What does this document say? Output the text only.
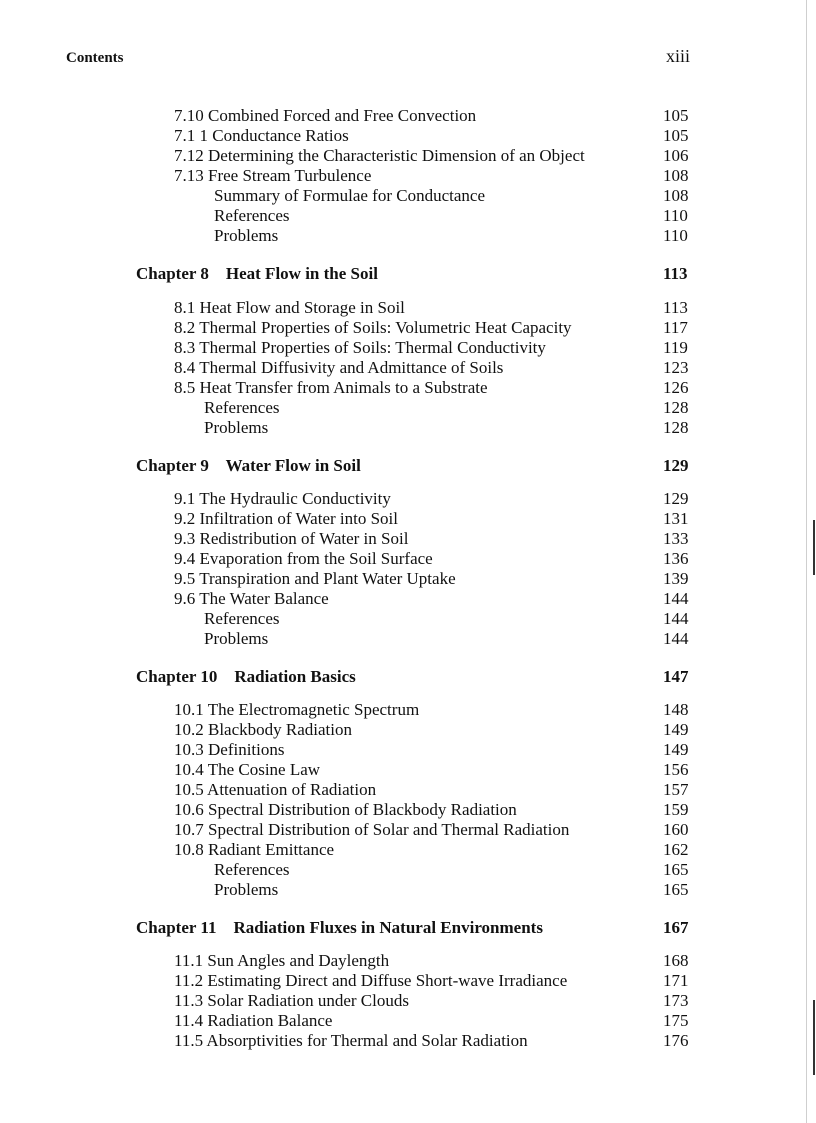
Contents	xiii
7.10 Combined Forced and Free Convection	105
7.1 1 Conductance Ratios	105
7.12 Determining the Characteristic Dimension of an Object	106
7.13 Free Stream Turbulence	108
Summary of Formulae for Conductance	108
References	110
Problems	110
Chapter 8    Heat Flow in the Soil	113
8.1 Heat Flow and Storage in Soil	113
8.2 Thermal Properties of Soils: Volumetric Heat Capacity	117
8.3 Thermal Properties of Soils: Thermal Conductivity	119
8.4 Thermal Diffusivity and Admittance of Soils	123
8.5 Heat Transfer from Animals to a Substrate	126
References	128
Problems	128
Chapter 9    Water Flow in Soil	129
9.1 The Hydraulic Conductivity	129
9.2 Infiltration of Water into Soil	131
9.3 Redistribution of Water in Soil	133
9.4 Evaporation from the Soil Surface	136
9.5 Transpiration and Plant Water Uptake	139
9.6 The Water Balance	144
References	144
Problems	144
Chapter 10    Radiation Basics	147
10.1 The Electromagnetic Spectrum	148
10.2 Blackbody Radiation	149
10.3 Definitions	149
10.4 The Cosine Law	156
10.5 Attenuation of Radiation	157
10.6 Spectral Distribution of Blackbody Radiation	159
10.7 Spectral Distribution of Solar and Thermal Radiation	160
10.8 Radiant Emittance	162
References	165
Problems	165
Chapter 11    Radiation Fluxes in Natural Environments	167
11.1 Sun Angles and Daylength	168
11.2 Estimating Direct and Diffuse Short-wave Irradiance	171
11.3 Solar Radiation under Clouds	173
11.4 Radiation Balance	175
11.5 Absorptivities for Thermal and Solar Radiation	176
